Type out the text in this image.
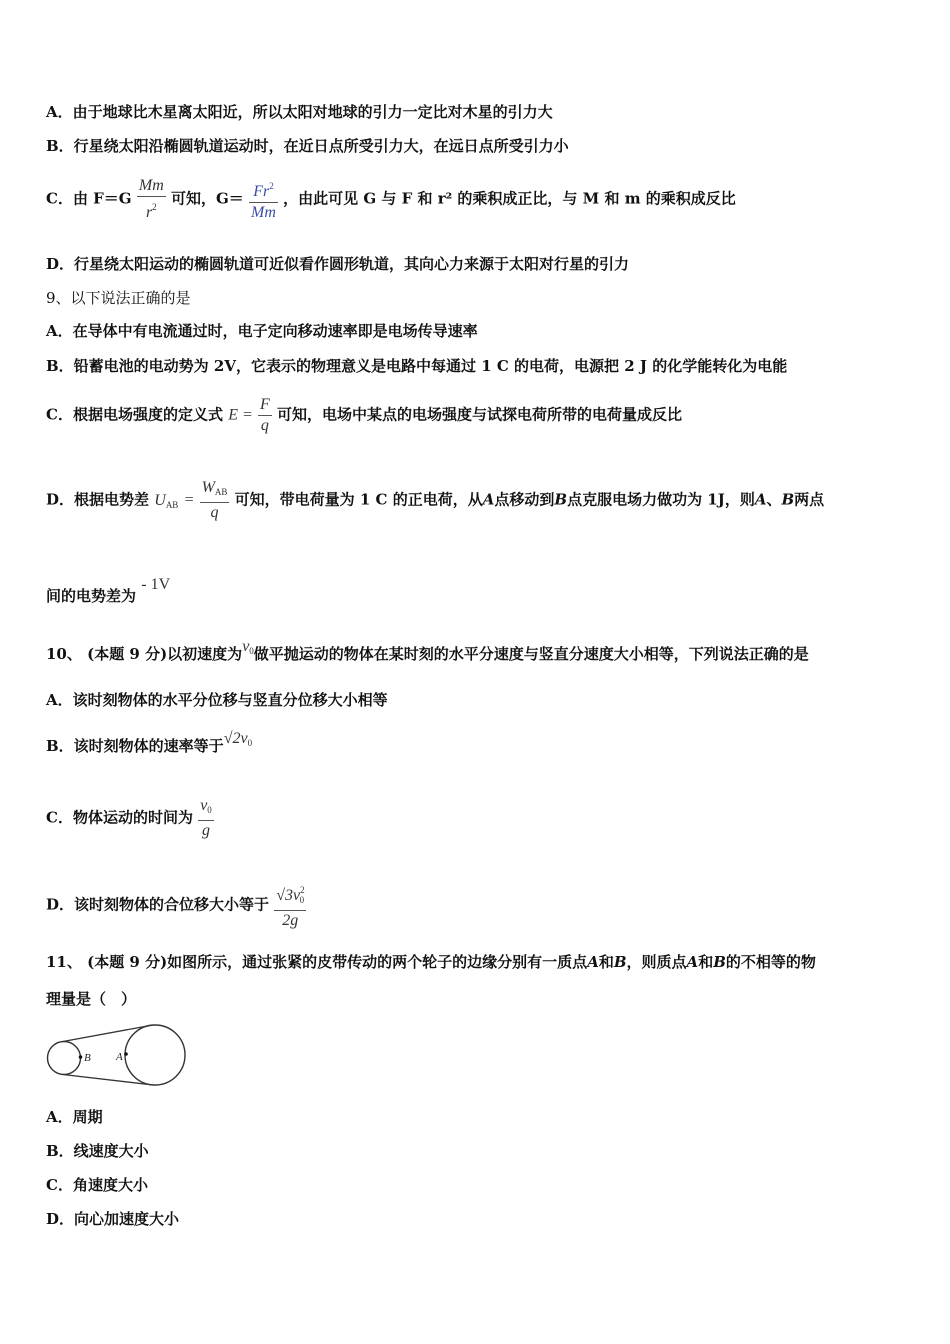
A．由于地球比木星离太阳近，所以太阳对地球的引力一定比对木星的引力大
B．行星绕太阳沿椭圆轨道运动时，在近日点所受引力大，在远日点所受引力小
C．由 $F=G \frac{Mm}{r^2}$ 可知，$G= \frac{Fr^2}{Mm}$ ，由此可见 G 与 F 和 r² 的乘积成正比，与 M 和 m 的乘积成反比
D．行星绕太阳运动的椭圆轨道可近似看作圆形轨道，其向心力来源于太阳对行星的引力
9、以下说法正确的是
A．在导体中有电流通过时，电子定向移动速率即是电场传导速率
B．铅蓄电池的电动势为 2V，它表示的物理意义是电路中每通过 1 C 的电荷，电源把 2 J 的化学能转化为电能
C．根据电场强度的定义式 $E = \frac{F}{q}$ 可知，电场中某点的电场强度与试探电荷所带的电荷量成反比
D．根据电势差 $U_{AB} = \frac{W_{AB}}{q}$ 可知，带电荷量为 1 C 的正电荷，从A点移动到B点克服电场力做功为 1J，则A、B两点
间的电势差为 - 1V
10、 (本题 9 分)以初速度为$v_0$做平抛运动的物体在某时刻的水平分速度与竖直分速度大小相等，下列说法正确的是
A．该时刻物体的水平分位移与竖直分位移大小相等
B．该时刻物体的速率等于$√2v_0$
C．物体运动的时间为 $\frac{v_0}{g}$
D．该时刻物体的合位移大小等于 $\frac{√3v^2_0}{2g}$
11、 (本题 9 分)如图所示，通过张紧的皮带传动的两个轮子的边缘分别有一质点A和B，则质点A和B的不相等的物
理量是（　）
B A
A．周期
B．线速度大小
C．角速度大小
D．向心加速度大小
